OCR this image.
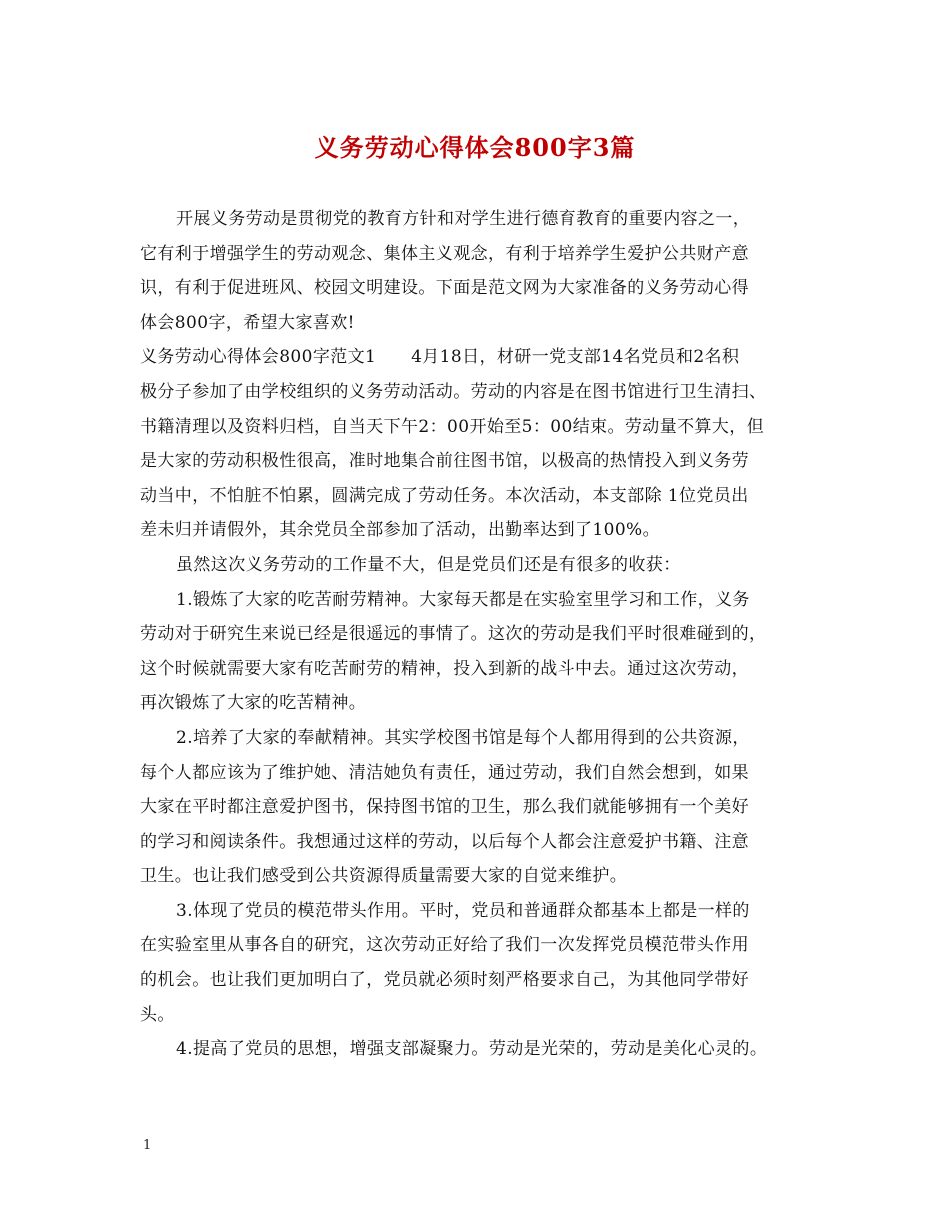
义务劳动心得体会800字3篇
开展义务劳动是贯彻党的教育方针和对学生进行德育教育的重要内容之一，
它有利于增强学生的劳动观念、集体主义观念，有利于培养学生爱护公共财产意
识，有利于促进班风、校园文明建设。下面是范文网为大家准备的义务劳动心得
体会800字，希望大家喜欢!
义务劳动心得体会800字范文1　　4月18日，材研一党支部14名党员和2名积
极分子参加了由学校组织的义务劳动活动。劳动的内容是在图书馆进行卫生清扫、
书籍清理以及资料归档，自当天下午2：00开始至5：00结束。劳动量不算大，但
是大家的劳动积极性很高，准时地集合前往图书馆，以极高的热情投入到义务劳
动当中，不怕脏不怕累，圆满完成了劳动任务。本次活动，本支部除 1位党员出
差未归并请假外，其余党员全部参加了活动，出勤率达到了100%。
虽然这次义务劳动的工作量不大，但是党员们还是有很多的收获：
1.锻炼了大家的吃苦耐劳精神。大家每天都是在实验室里学习和工作，义务
劳动对于研究生来说已经是很遥远的事情了。这次的劳动是我们平时很难碰到的，
这个时候就需要大家有吃苦耐劳的精神，投入到新的战斗中去。通过这次劳动，
再次锻炼了大家的吃苦精神。
2.培养了大家的奉献精神。其实学校图书馆是每个人都用得到的公共资源，
每个人都应该为了维护她、清洁她负有责任，通过劳动，我们自然会想到，如果
大家在平时都注意爱护图书，保持图书馆的卫生，那么我们就能够拥有一个美好
的学习和阅读条件。我想通过这样的劳动，以后每个人都会注意爱护书籍、注意
卫生。也让我们感受到公共资源得质量需要大家的自觉来维护。
3.体现了党员的模范带头作用。平时，党员和普通群众都基本上都是一样的
在实验室里从事各自的研究，这次劳动正好给了我们一次发挥党员模范带头作用
的机会。也让我们更加明白了，党员就必须时刻严格要求自己，为其他同学带好
头。
4.提高了党员的思想，增强支部凝聚力。劳动是光荣的，劳动是美化心灵的。
1
